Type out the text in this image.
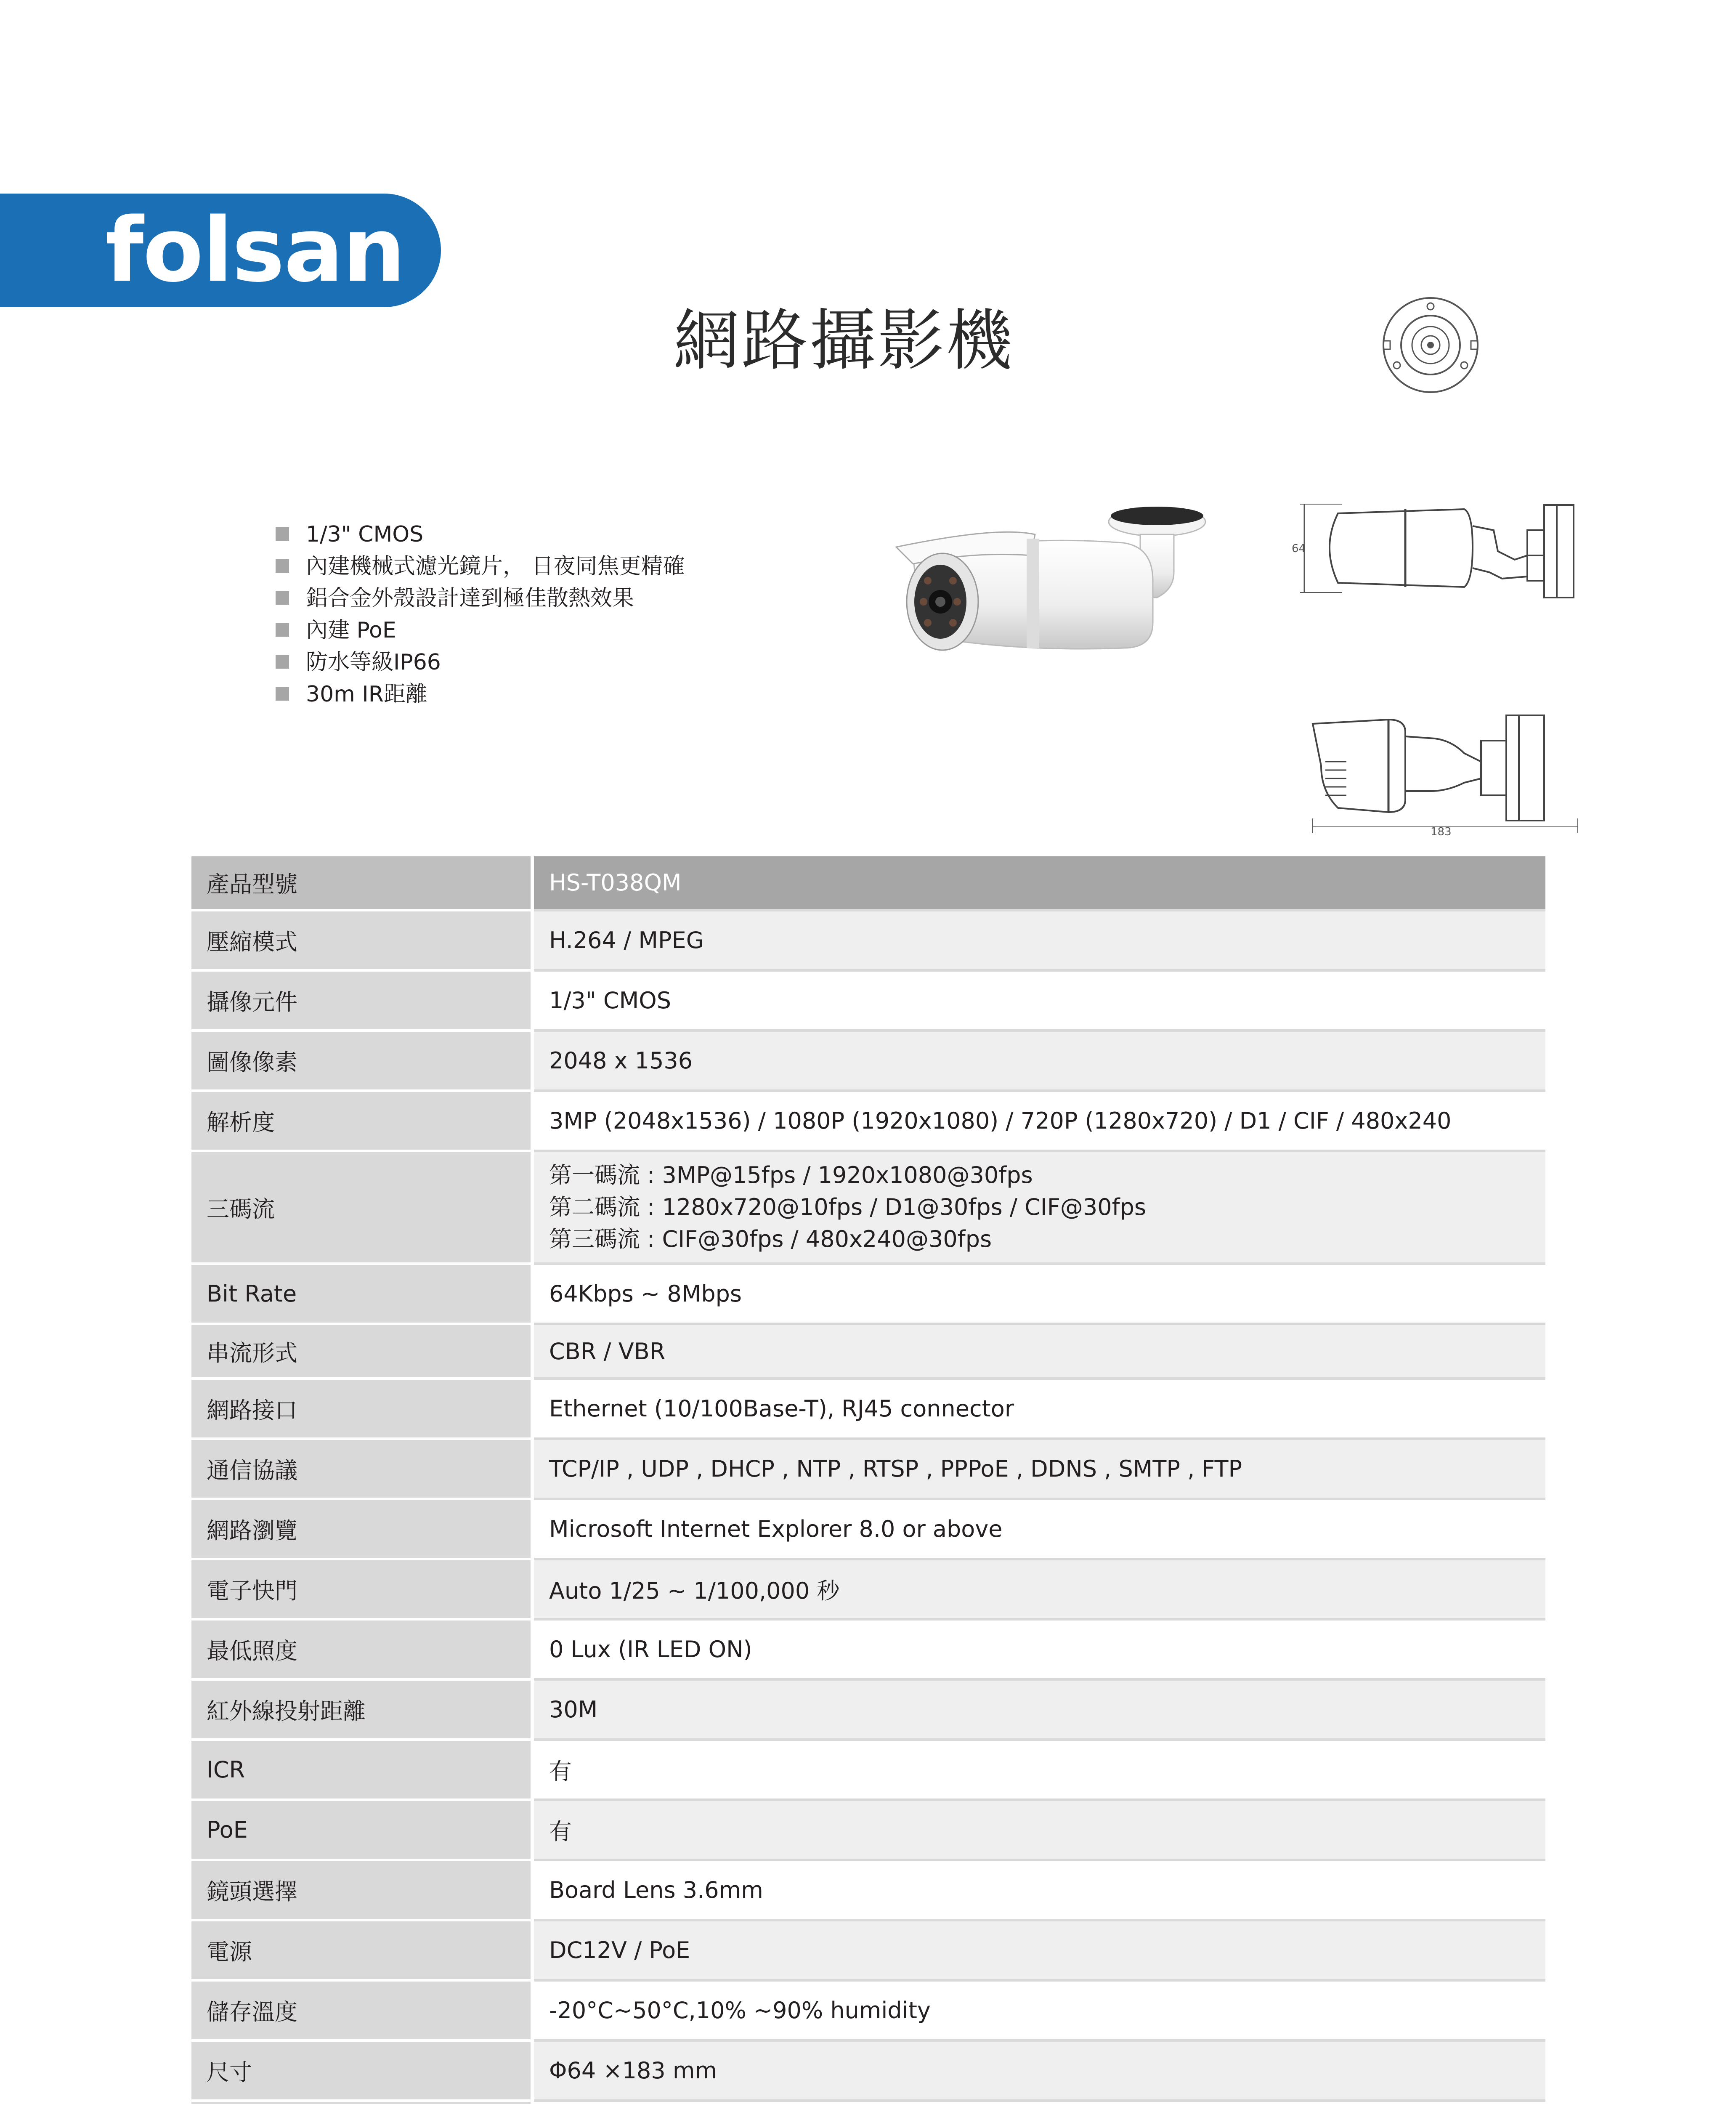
folsan
網路攝影機
1/3" CMOS
內建機械式濾光鏡片， 日夜同焦更精確
鋁合金外殼設計達到極佳散熱效果
內建 PoE
防水等級IP66
30m IR距離
64
183
產品型號	HS-T038QM
壓縮模式	H.264 / MPEG
攝像元件	1/3" CMOS
圖像像素	2048 x 1536
解析度	3MP (2048x1536) / 1080P (1920x1080) / 720P (1280x720) / D1 / CIF / 480x240
三碼流	第一碼流 : 3MP@15fps / 1920x1080@30fps
第二碼流 : 1280x720@10fps / D1@30fps / CIF@30fps
第三碼流 : CIF@30fps / 480x240@30fps

Bit Rate	64Kbps ~ 8Mbps
串流形式	CBR / VBR
網路接口	Ethernet (10/100Base-T), RJ45 connector
通信協議	TCP/IP , UDP , DHCP , NTP , RTSP , PPPoE , DDNS , SMTP , FTP
網路瀏覽	Microsoft Internet Explorer 8.0 or above
電子快門	Auto 1/25 ~ 1/100,000 秒
最低照度	0 Lux (IR LED ON)
紅外線投射距離	30M
ICR	有
PoE	有
鏡頭選擇	Board Lens 3.6mm
電源	DC12V / PoE
儲存溫度	-20°C~50°C,10% ~90% humidity
尺寸	Φ64 ×183 mm
